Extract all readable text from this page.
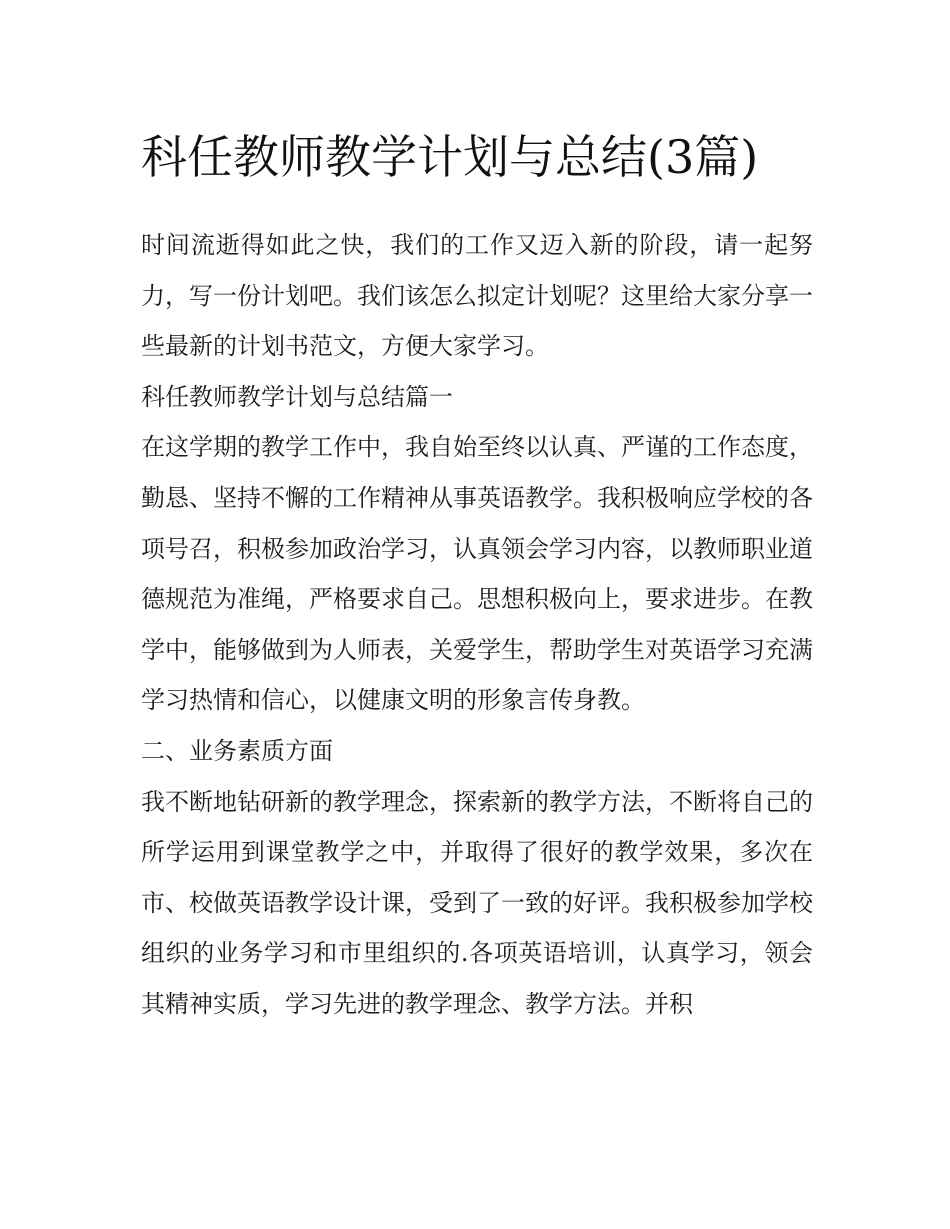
科任教师教学计划与总结(3篇)

时间流逝得如此之快，我们的工作又迈入新的阶段，请一起努力，写一份计划吧。我们该怎么拟定计划呢？这里给大家分享一些最新的计划书范文，方便大家学习。

科任教师教学计划与总结篇一

在这学期的教学工作中，我自始至终以认真、严谨的工作态度，勤恳、坚持不懈的工作精神从事英语教学。我积极响应学校的各项号召，积极参加政治学习，认真领会学习内容，以教师职业道德规范为准绳，严格要求自己。思想积极向上，要求进步。在教学中，能够做到为人师表，关爱学生，帮助学生对英语学习充满学习热情和信心，以健康文明的形象言传身教。

二、业务素质方面

我不断地钻研新的教学理念，探索新的教学方法，不断将自己的所学运用到课堂教学之中，并取得了很好的教学效果，多次在市、校做英语教学设计课，受到了一致的好评。我积极参加学校组织的业务学习和市里组织的.各项英语培训，认真学习，领会其精神实质，学习先进的教学理念、教学方法。并积
